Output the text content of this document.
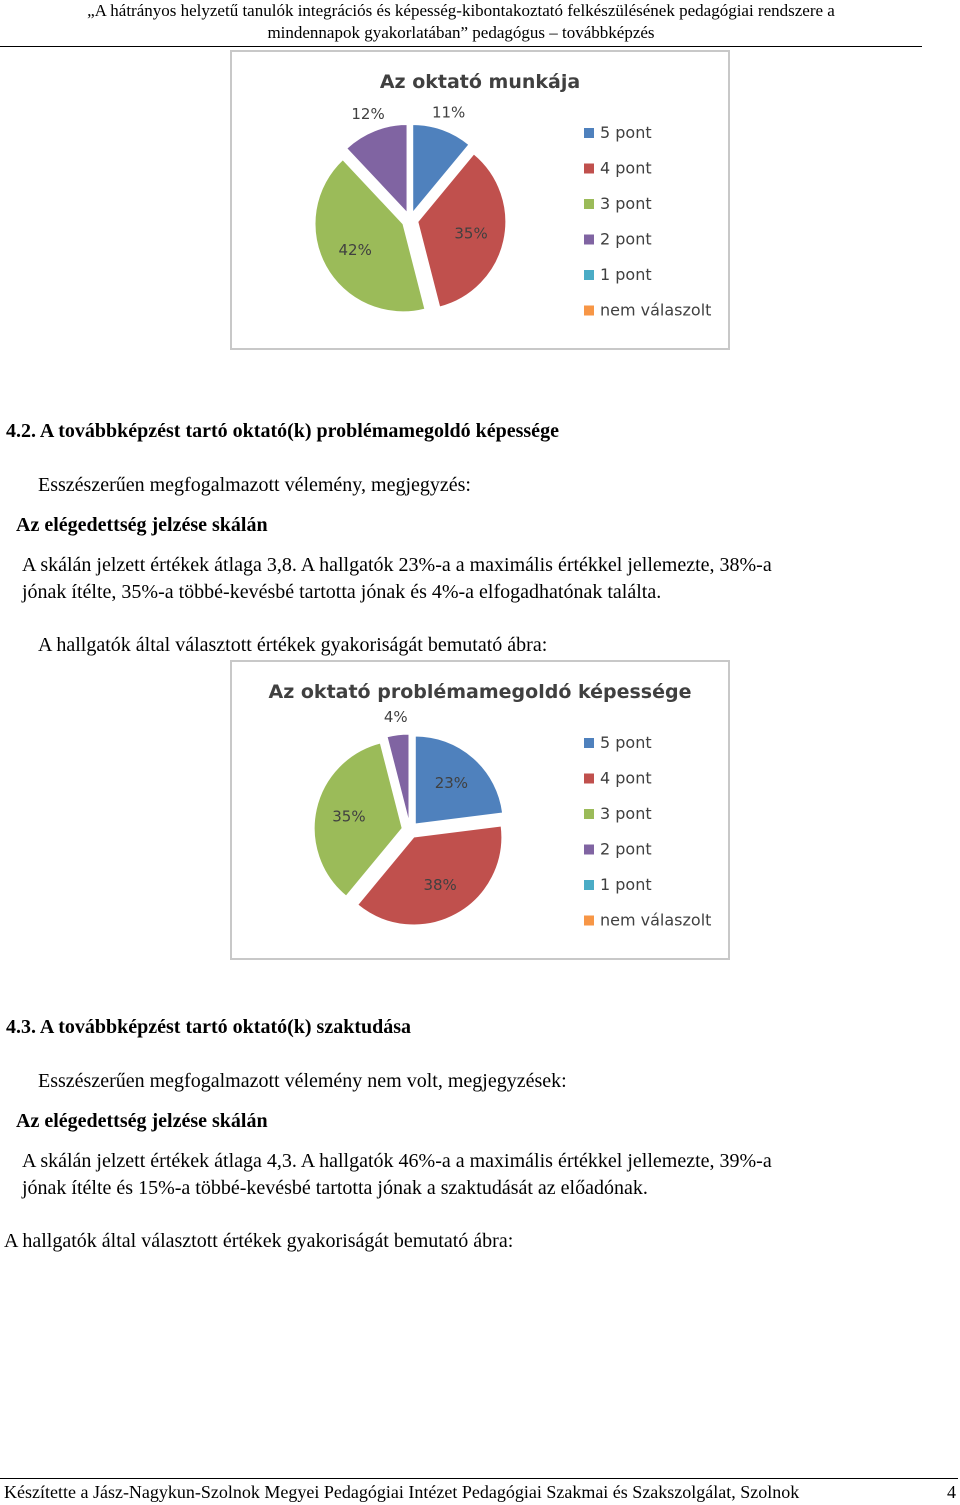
„A hátrányos helyzetű tanulók integrációs és képesség-kibontakoztató felkészülésének pedagógiai rendszere a
mindennapok gyakorlatában” pedagógus – továbbképzés
Az oktató munkája
11%
35%
42%
12%
5 pont
4 pont
3 pont
2 pont
1 pont
nem válaszolt
4.2. A továbbképzést tartó oktató(k) problémamegoldó képessége
Esszészerűen megfogalmazott vélemény, megjegyzés:
Az elégedettség jelzése skálán
A skálán jelzett értékek átlaga 3,8. A hallgatók 23%-a a maximális értékkel jellemezte, 38%-a
jónak ítélte, 35%-a többé-kevésbé tartotta jónak és 4%-a elfogadhatónak találta.
A hallgatók által választott értékek gyakoriságát bemutató ábra:
Az oktató problémamegoldó képessége
23%
38%
35%
4%
5 pont
4 pont
3 pont
2 pont
1 pont
nem válaszolt
4.3. A továbbképzést tartó oktató(k) szaktudása
Esszészerűen megfogalmazott vélemény nem volt, megjegyzések:
Az elégedettség jelzése skálán
A skálán jelzett értékek átlaga 4,3. A hallgatók 46%-a a maximális értékkel jellemezte, 39%-a
jónak ítélte és 15%-a többé-kevésbé tartotta jónak a szaktudását az előadónak.
A hallgatók által választott értékek gyakoriságát bemutató ábra:
Készítette a Jász-Nagykun-Szolnok Megyei Pedagógiai Intézet Pedagógiai Szakmai és Szakszolgálat, Szolnok	4
